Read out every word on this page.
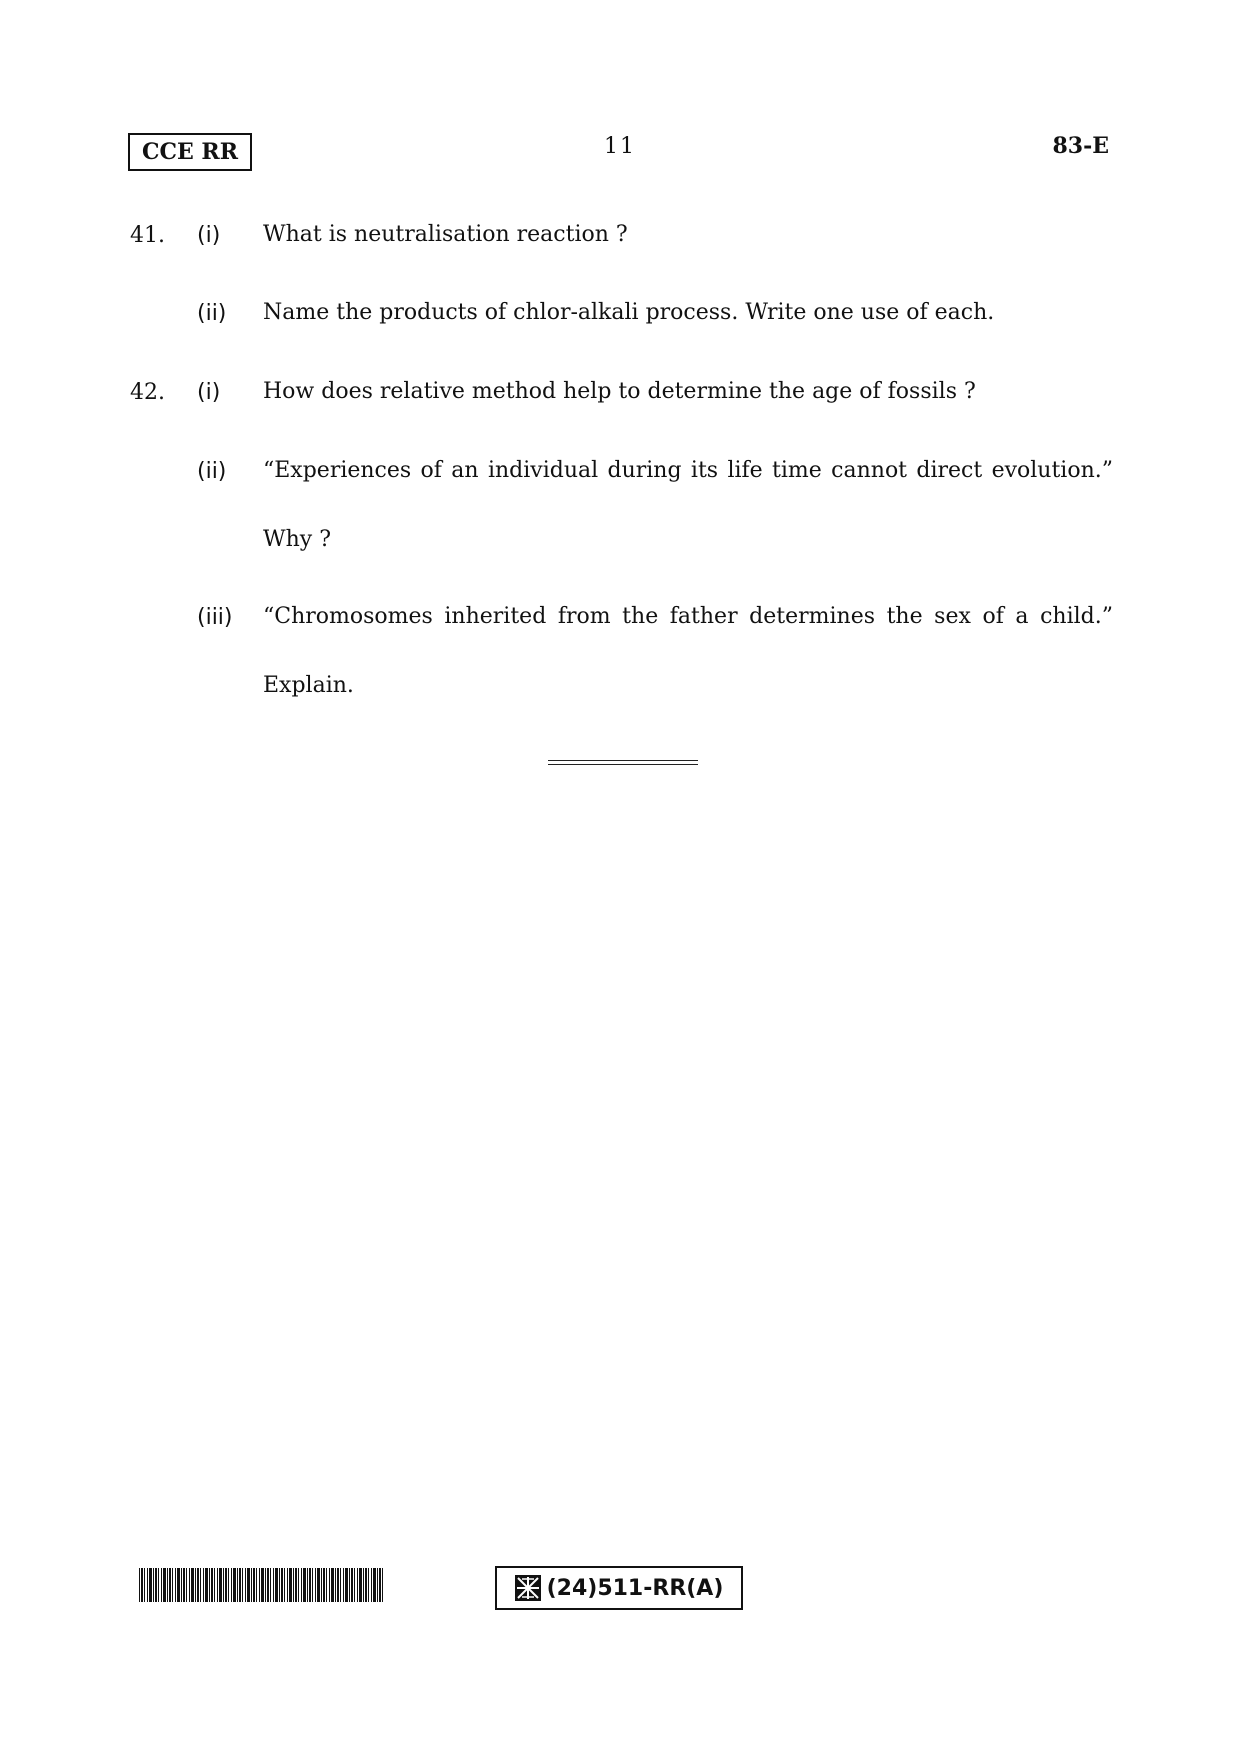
CCE RR	11	83-E
41. (i) What is neutralisation reaction ?
(ii) Name the products of chlor-alkali process. Write one use of each.
42. (i) How does relative method help to determine the age of fossils ?
(ii) “Experiences of an individual during its life time cannot direct evolution.”
Why ?
(iii) “Chromosomes inherited from the father determines the sex of a child.”
Explain.
(24)511-RR(A)
